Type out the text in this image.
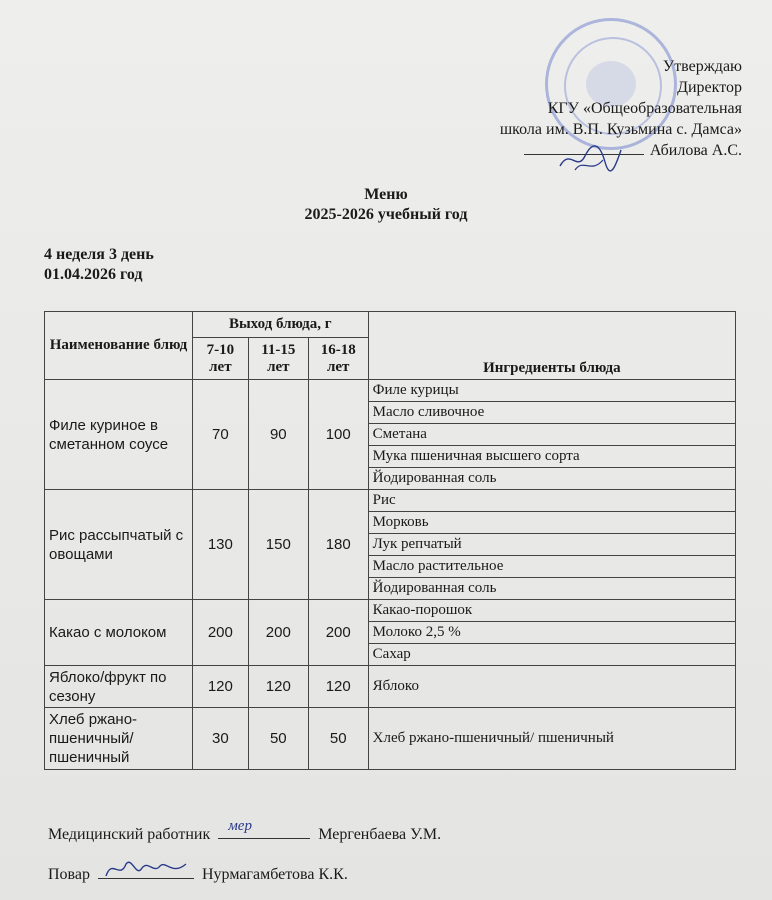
Утверждаю
Директор
КГУ «Общеобразовательная
школа им. В.П. Кузьмина с. Дамса»
Абилова А.С.
Меню
2025-2026 учебный год
4 неделя 3 день
01.04.2026 год
Наименование блюд	Выход блюда, г			Ингредиенты блюда
	7-10 лет	11-15 лет	16-18 лет	
Филе куриное в сметанном соусе	70	90	100	Филе курицы
				Масло сливочное
				Сметана
				Мука пшеничная высшего сорта
				Йодированная соль
Рис рассыпчатый с овощами	130	150	180	Рис
				Морковь
				Лук репчатый
				Масло растительное
				Йодированная соль
Какао с молоком	200	200	200	Какао-порошок
				Молоко 2,5 %
				Сахар
Яблоко/фрукт по сезону	120	120	120	Яблоко
Хлеб ржано-пшеничный/ пшеничный	30	50	50	Хлеб ржано-пшеничный/ пшеничный
Медицинский работник мер	Мергенбаева У.М.
Повар	Нурмагамбетова К.К.
